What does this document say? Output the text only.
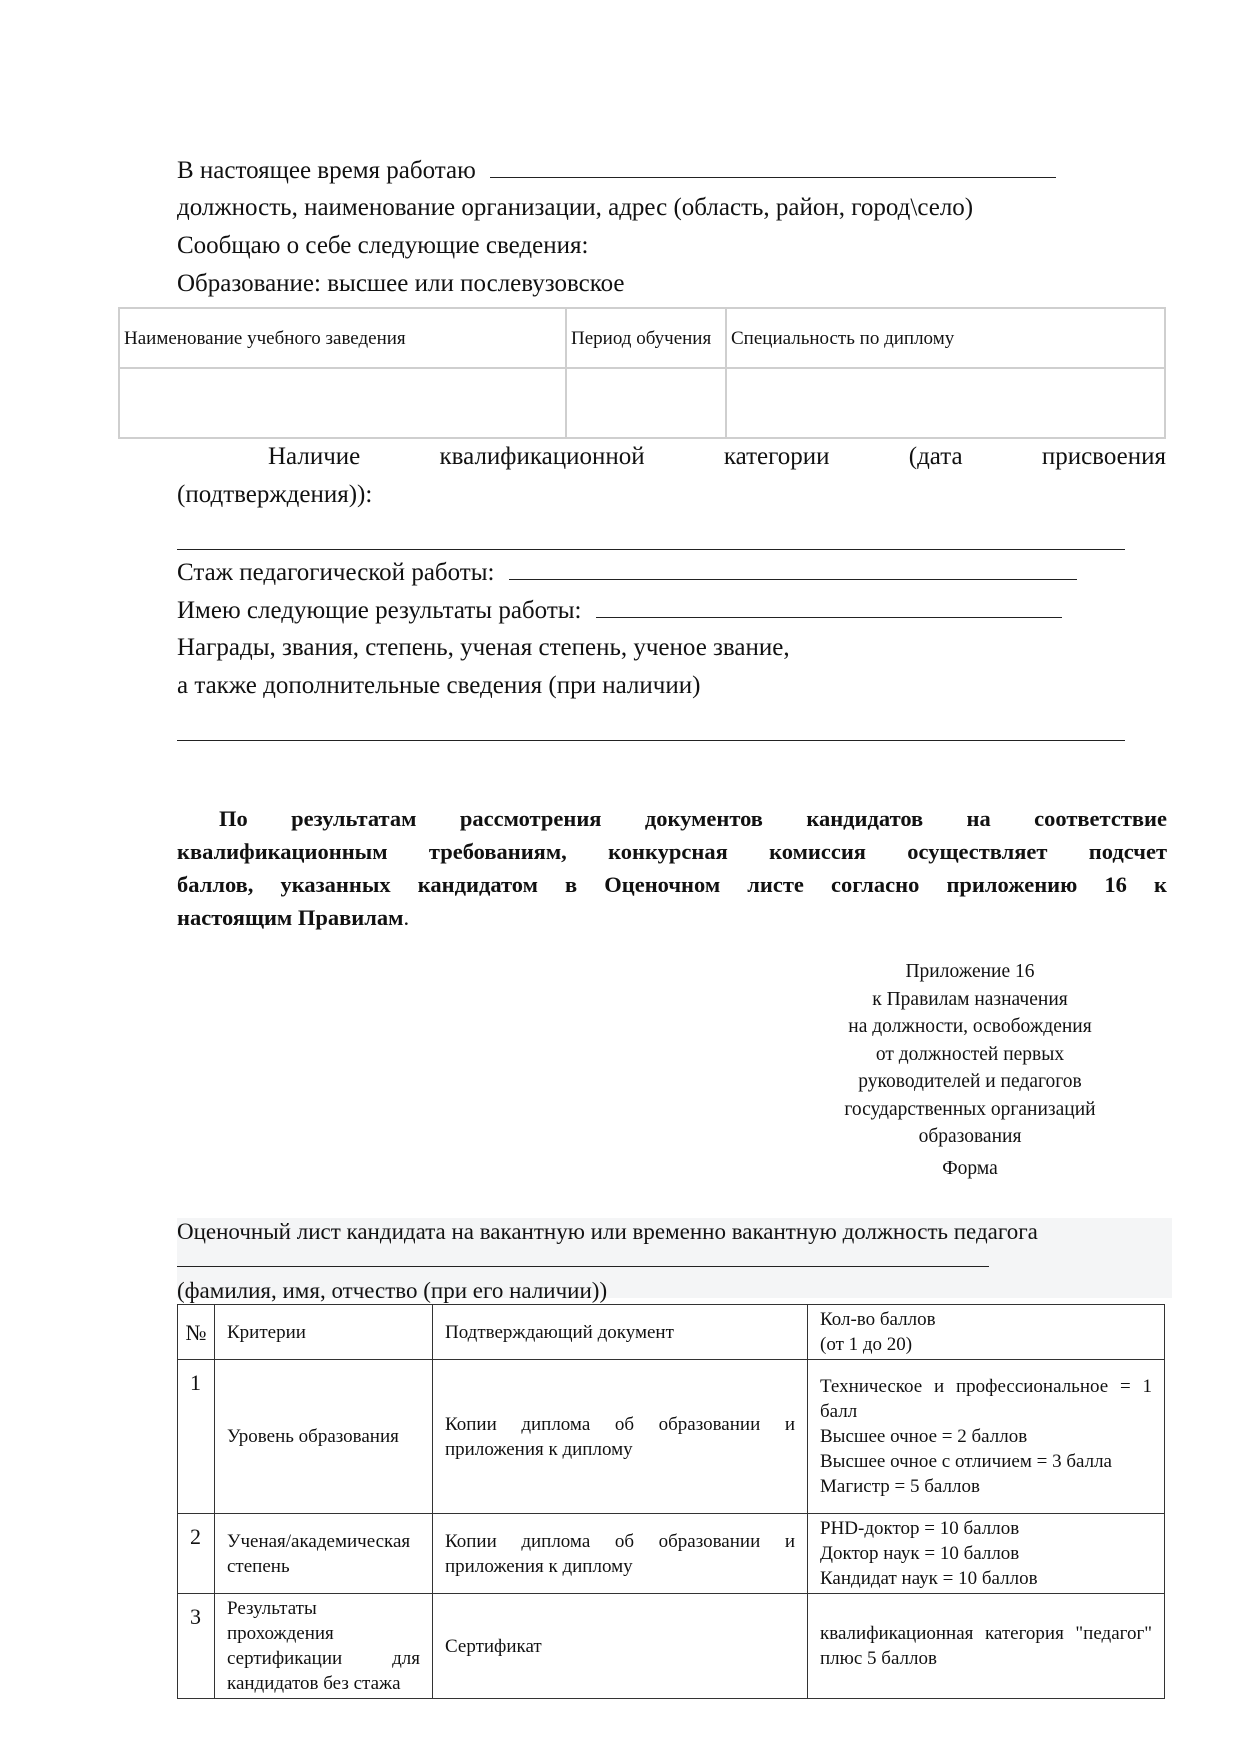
В настоящее время работаю
должность, наименование организации, адрес (область, район, город\село)
Сообщаю о себе следующие сведения:
Образование: высшее или послевузовское
Наименование учебного заведения	Период обучения	Специальность по диплому

Наличие	квалификационной	категории	(дата	присвоения
(подтверждения)):
Стаж педагогической работы:
Имею следующие результаты работы:
Награды, звания, степень, ученая степень, ученое звание,
а также дополнительные сведения (при наличии)
По результатам рассмотрения документов кандидатов на соответствие
квалификационным требованиям, конкурсная комиссия осуществляет подсчет
баллов, указанных кандидатом в Оценочном листе согласно приложению 16 к
настоящим Правилам.
Приложение 16
к Правилам назначения
на должности, освобождения
от должностей первых
руководителей и педагогов
государственных организаций
образования
Форма
Оценочный лист кандидата на вакантную или временно вакантную должность педагога
(фамилия, имя, отчество (при его наличии))
№	Критерии	Подтверждающий документ	Кол-во баллов
(от 1 до 20)

1	Уровень образования	Копии диплома об образовании и приложения к диплому	Техническое и профессиональное = 1 балл
Высшее очное = 2 баллов
Высшее очное с отличием = 3 балла
Магистр = 5 баллов

2	Ученая/академическая степень	Копии диплома об образовании и приложения к диплому	PHD-доктор = 10 баллов
Доктор наук = 10 баллов
Кандидат наук = 10 баллов

3	Результаты прохождения сертификации для кандидатов без стажа	Сертификат	квалификационная категория "педагог" плюс 5 баллов
